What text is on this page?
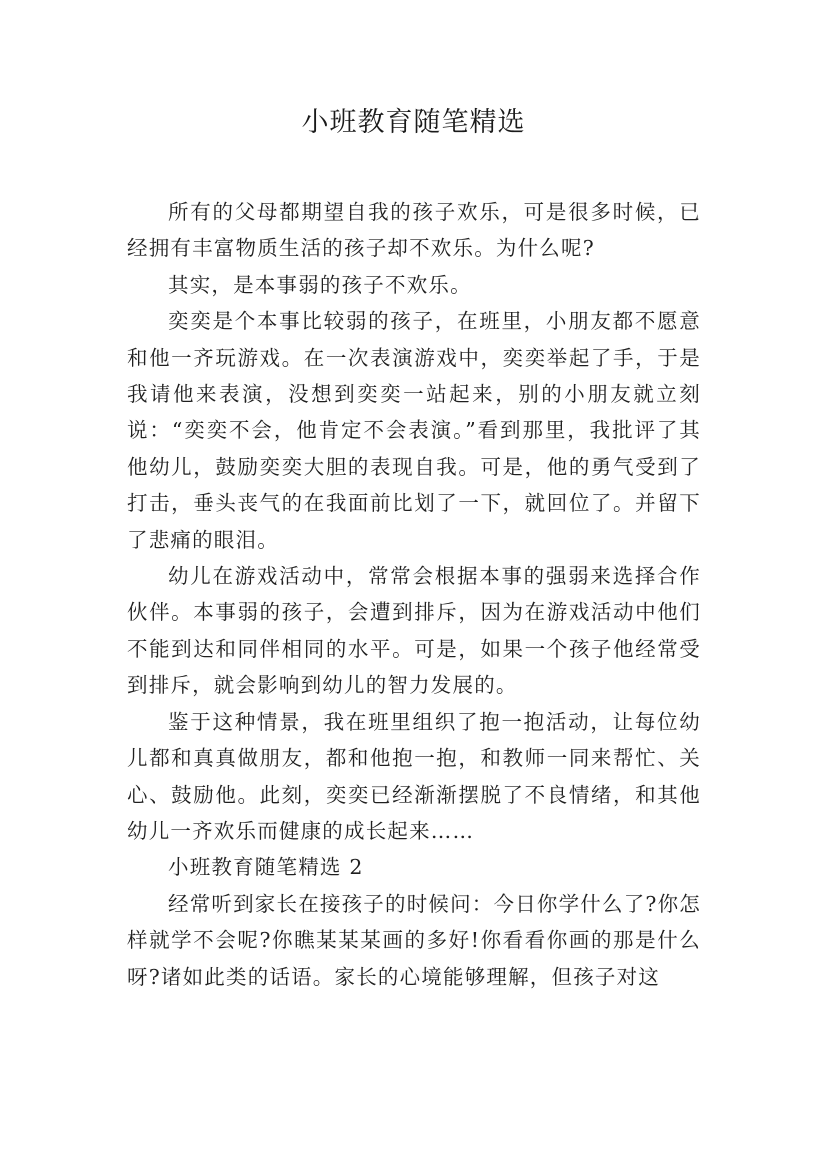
小班教育随笔精选

所有的父母都期望自我的孩子欢乐，可是很多时候，已经拥有丰富物质生活的孩子却不欢乐。为什么呢?

其实，是本事弱的孩子不欢乐。

奕奕是个本事比较弱的孩子，在班里，小朋友都不愿意和他一齐玩游戏。在一次表演游戏中，奕奕举起了手，于是我请他来表演，没想到奕奕一站起来，别的小朋友就立刻说：“奕奕不会，他肯定不会表演。”看到那里，我批评了其他幼儿，鼓励奕奕大胆的表现自我。可是，他的勇气受到了打击，垂头丧气的在我面前比划了一下，就回位了。并留下了悲痛的眼泪。

幼儿在游戏活动中，常常会根据本事的强弱来选择合作伙伴。本事弱的孩子，会遭到排斥，因为在游戏活动中他们不能到达和同伴相同的水平。可是，如果一个孩子他经常受到排斥，就会影响到幼儿的智力发展的。

鉴于这种情景，我在班里组织了抱一抱活动，让每位幼儿都和真真做朋友，都和他抱一抱，和教师一同来帮忙、关心、鼓励他。此刻，奕奕已经渐渐摆脱了不良情绪，和其他幼儿一齐欢乐而健康的成长起来……

小班教育随笔精选 2

经常听到家长在接孩子的时候问：今日你学什么了?你怎样就学不会呢?你瞧某某某画的多好!你看看你画的那是什么呀?诸如此类的话语。家长的心境能够理解，但孩子对这
